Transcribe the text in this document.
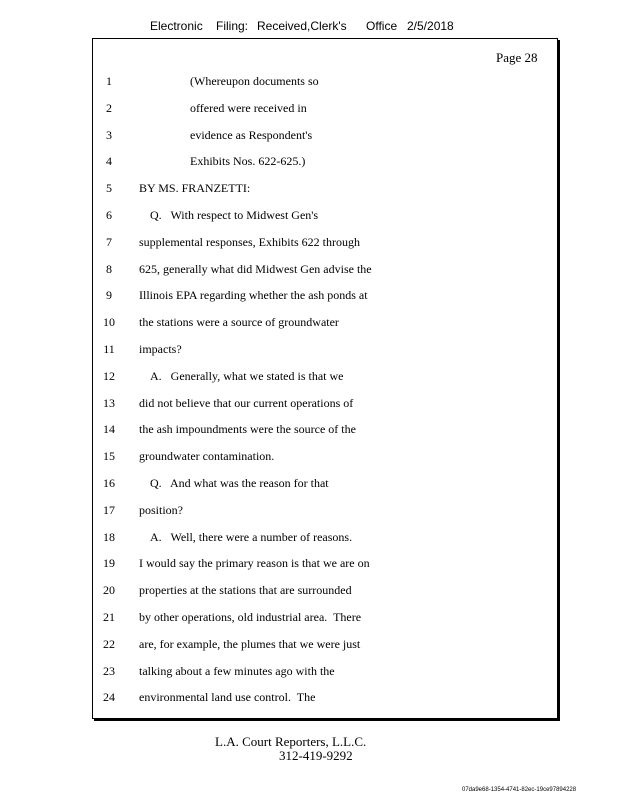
Electronic Filing: Received,Clerk's Office 2/5/2018
Page 28
1	(Whereupon documents so
2	offered were received in
3	evidence as Respondent's
4	Exhibits Nos. 622-625.)
5	BY MS. FRANZETTI:
6	Q.   With respect to Midwest Gen's
7	supplemental responses, Exhibits 622 through
8	625, generally what did Midwest Gen advise the
9	Illinois EPA regarding whether the ash ponds at
10 the stations were a source of groundwater
11 impacts?
12	A.   Generally, what we stated is that we
13 did not believe that our current operations of
14 the ash impoundments were the source of the
15 groundwater contamination.
16	Q.   And what was the reason for that
17 position?
18	A.   Well, there were a number of reasons.
19 I would say the primary reason is that we are on
20 properties at the stations that are surrounded
21 by other operations, old industrial area.  There
22 are, for example, the plumes that we were just
23 talking about a few minutes ago with the
24 environmental land use control.  The
L.A. Court Reporters, L.L.C.
312-419-9292
07da9e68-1354-4741-82ec-19ce97894228
